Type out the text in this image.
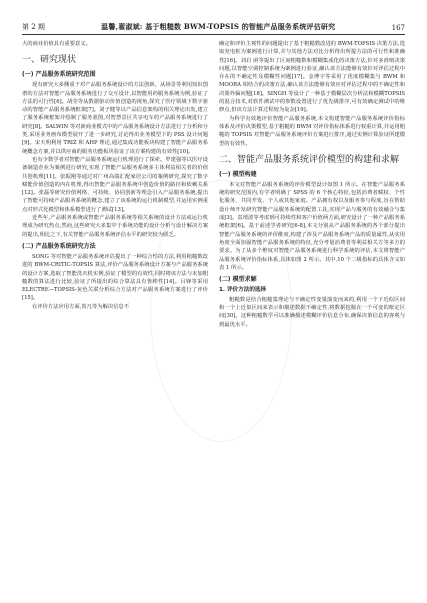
第 2 期	温馨,翟淑斌: 基于粗糙数 BWM-TOPSIS 的智能产品服务系统评估研究	167

大的商业价值具有重要意义。

一、研究现状
(一) 产品服务系统研究范围

现有研究大多侧重于对产品服务系统设计的方法创新。从场景等利用知识图谱的方法对智能产品服务系统进行了交互设计,以智能用药服务系统为例,验证了方法的可行性[6]。胡莹等从数据驱动价值创造的视角,探究了医疗领域下数字驱动的智能产品服务系统框架[7]。刘子健等以产品信息架构的相关理论出发,建立了服务系统框架并绘制了服务蓝图,对智慧景区共享电车的产品服务系统进行了研究[8]。SALWIN 等对新商业模式中的产品服务系统设计方法进行了分析和分类,采用业务画布模型展开了进一步研究,讨论得出业务模型下的 PSS 设计问题[9]。宋天明利用 TRIZ 和 AHP 理论,通过集成功能板块构建了智能产品服务系统概念方案,并以供应商的服务功能板块验证了该方案构建的有效性[10]。

也有少数学者对智能产品服务系统运行机理进行了探索。罗建强等以医疗设备制造企业为案例进行研究,实现了智能产品服务系统多主体利益相关者的价值共创机理[11]。张振刚等通过对广州高端汇配家居公司的案例研究,探究了数字赋能价值创造的内在机理,得出智能产品服务系统中创造价值的路径和依赖关系[12]。张磊等研究价值网络、可持续、协同创新等理念引入产品服务系统,提出了智能可持续产品服务系统的概念,建立了该系统的运行机制模型,并运用实例重点对形式化模型和体系模型进行了测试[13]。

近些年,产品服务系统或智能产品服务系统等相关系统的设计方法或运行机理成为研究热点,然而,这些研究大多集中于系统功能的设计分析与设计解决方案的提出,相比之下,有关智能产品服务系统评估水平的研究较为匮乏。

(二) 产品服务系统研究方法

SONG 等对智能产品服务系统评估提出了一种综合性的方法,利用粗糙数改进的 BWM-CRITIC-TOPSIS 算法,评价产品服务系统设计方案与产品服务系统的设计方案,选取了智能洗衣机实例,验证了模型的有效性,同时将该方法与未加粗糙数的算法进行比较,验证了所提出的综合算法具有鲁棒性[14]。吕锋等采用ELECTRE—TOPSIS-灰色关联分析综合方法对产品服务系统方案进行了评价[15]。

在评价方法应用方面,贺凡等为解决信息不

确定和评价主观性的问题提出了基于粗糙数改进的 BWM-TOPSIS 决策方法,选取充电桩为案例进行计算,并与其他方法对比分析得出所提方法的可行性和准确性[16]。刘启 函等提出了区间粗糙数和模糊集成化的决策方法,针对多准则决策问题,以智能空调控制系统为案例进行验证,确认该方法能够有效针对评估过程中存在的不确定性及模糊性问题[17]。金博宇等采用了优度模糊集与 BWM 和 MOORA 相结合的决策方法,确认该方法能够有效应对评估过程中的不确定性和决策外偏问题[18]。SINGH 等设计了一种基于模糊层次分析法和模糊TOPSIS 的混合技术,对软件测试中的参数设置进行了优先级排序,可有效确定测试中的维修点,但该方法计算过程较为复杂[19]。

为科学有效地评价智能产品服务系统,本文构建智能产品服务系统评价指标体系及评价决策模型,基于粗糙的 BWM 对评价指标体系进行权重计算,并运用粗糙的 TOPSIS 对智能产品服务系统评价方案进行排序,通过实例计算验证所建模型的有效性。

二、智能产品服务系统评价模型的构建和求解
(一) 模型构建

本文对智能产品服务系统的评价模型设计如图 1 所示。在智能产品服务系统的研究范围内,有学者明确了 SPSS 的 6 个核心特征,包括消费者赋权、个性化服务、共同开发、个人或其他家庭、产品拥有权以及服务参与程度,旨在帮助设计师开发研究智能产品服务系统的配置工具,实现产品与服务的有效融合与集成[3]。袁靖波等考虑到可持续性和客户价值两方面,研究设计了一种产品服务系统框架[6]。基于前述学者研究[6-8],本文分别从产品服务系统的各个部分提出智能产品服务系统的评价维度,构建了涉及产品服务系统产品的质量属性,从实用角度全面加强智能产品服务系统的特征,充分考量消费者等利益相关方等多方的要求。为了从多个维度对智能产品服务系统进行科学系统的评估,本文将智能产品服务系统评价指标体系,具体如图 2 所示。其中,10 个二级指标的具体含义如表 1 所示。

(二) 模型求解
1. 评价方法的选择

粗糙数是结合粗糙集理论与不确定性变量演变而来的,利用一个下近似区间和一个上近似区间来表示和描述数据不确定性,将数据挖掘在一个可变的框定区间[30]。这种粗糙数学可以准确描述模糊评价信息分布,确保决策信息的客观与到最优水平。
